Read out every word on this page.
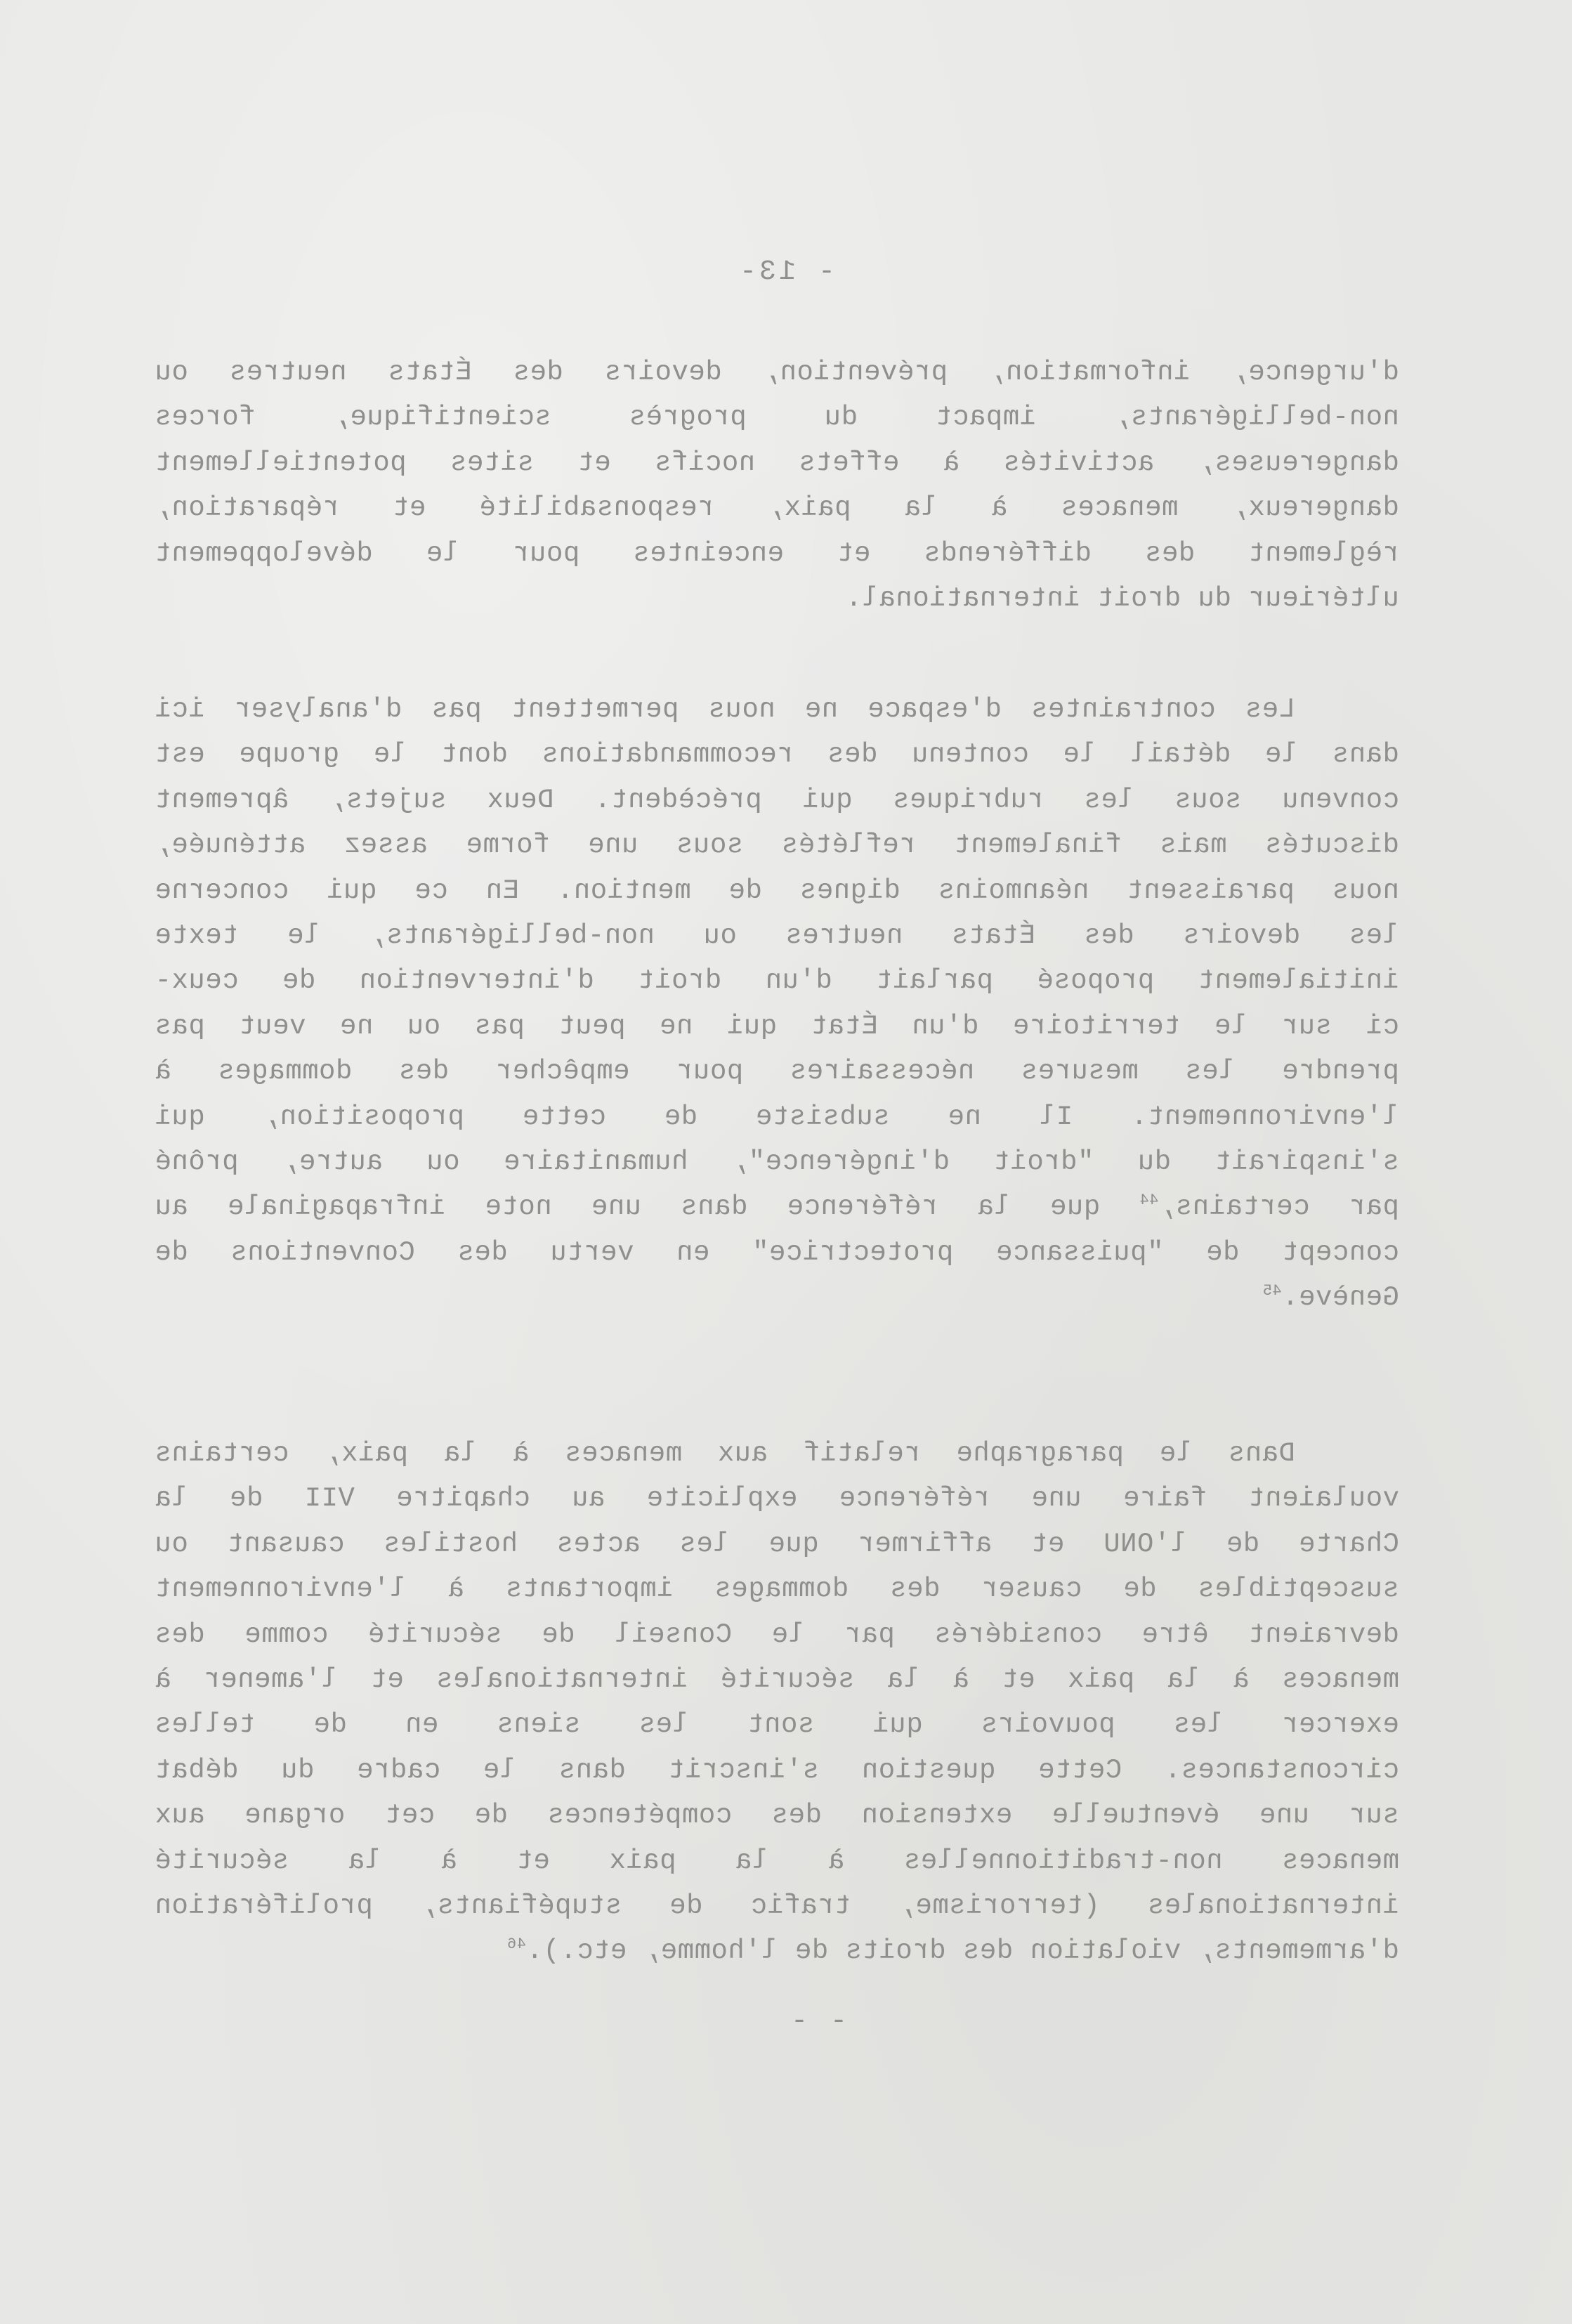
- 13-
d'urgence,
information,
prévention,
devoirs
des
États
neutres
ou
non-belligérants,
impact
du
progrès
scientifique,
forces
dangereuses,
activités
à
effets
nocifs
et
sites
potentiellement
dangereux,
menaces
à
la
paix,
responsabilité
et
réparation,
règlement
des
différends
et
enceintes
pour
le
développement
ultérieur du droit international.
Les
contraintes
d'espace
ne
nous
permettent
pas
d'analyser
ici
dans
le
détail
le
contenu
des
recommandations
dont
le
groupe
est
convenu
sous
les
rubriques
qui
précèdent.
Deux
sujets,
âprement
discutés
mais
finalement
reflétés
sous
une
forme
assez
atténuée,
nous
paraissent
néanmoins
dignes
de
mention.
En
ce
qui
concerne
les
devoirs
des
États
neutres
ou
non-belligérants,
le
texte
initialement
proposé
parlait
d'un
droit
d'intervention
de
ceux-
ci
sur
le
territoire
d'un
État
qui
ne
peut
pas
ou
ne
veut
pas
prendre
les
mesures
nécessaires
pour
empêcher
des
dommages
à
l'environnement.
Il
ne
subsiste
de
cette
proposition,
qui
s'inspirait
du
"droit
d'ingérence",
humanitaire
ou
autre,
prôné
par
certains,$^{44}$
que
la
référence
dans
une
note
infrapaginale
au
concept
de
"puissance
protectrice"
en
vertu
des
Conventions
de
Genève.$^{45}$
Dans
le
paragraphe
relatif
aux
menaces
à
la
paix,
certains
voulaient
faire
une
référence
explicite
au
chapitre
VII
de
la
Charte
de
l'ONU
et
affirmer
que
les
actes
hostiles
causant
ou
susceptibles
de
causer
des
dommages
importants
à
l'environnement
devraient
être
considérés
par
le
Conseil
de
sécurité
comme
des
menaces
à
la
paix
et
à
la
sécurité
internationales
et
l'amener
à
exercer
les
pouvoirs
qui
sont
les
siens
en
de
telles
circonstances.
Cette
question
s'inscrit
dans
le
cadre
du
débat
sur
une
éventuelle
extension
des
compétences
de
cet
organe
aux
menaces
non-traditionnelles
à
la
paix
et
à
la
sécurité
internationales
(terrorisme,
trafic
de
stupéfiants,
prolifération
d'armements, violation des droits de l'homme, etc.).$^{46}$
- -
